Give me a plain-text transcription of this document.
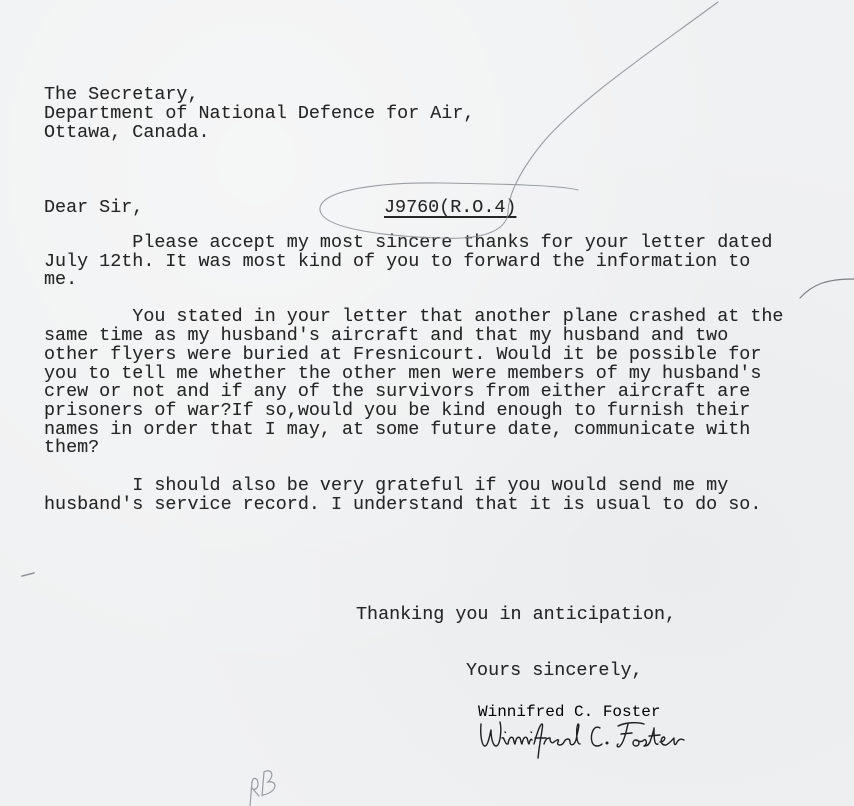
The Secretary,
Department of National Defence for Air,
Ottawa, Canada.
Dear Sir,	J9760(R.O.4)
Please accept my most sincere thanks for your letter dated
July 12th. It was most kind of you to forward the information to
me.
You stated in your letter that another plane crashed at the
same time as my husband's aircraft and that my husband and two
other flyers were buried at Fresnicourt. Would it be possible for
you to tell me whether the other men were members of my husband's
crew or not and if any of the survivors from either aircraft are
prisoners of war?If so,would you be kind enough to furnish their
names in order that I may, at some future date, communicate with
them?
I should also be very grateful if you would send me my
husband's service record. I understand that it is usual to do so.
Thanking you in anticipation,
Yours sincerely,
Winnifred C. Foster
